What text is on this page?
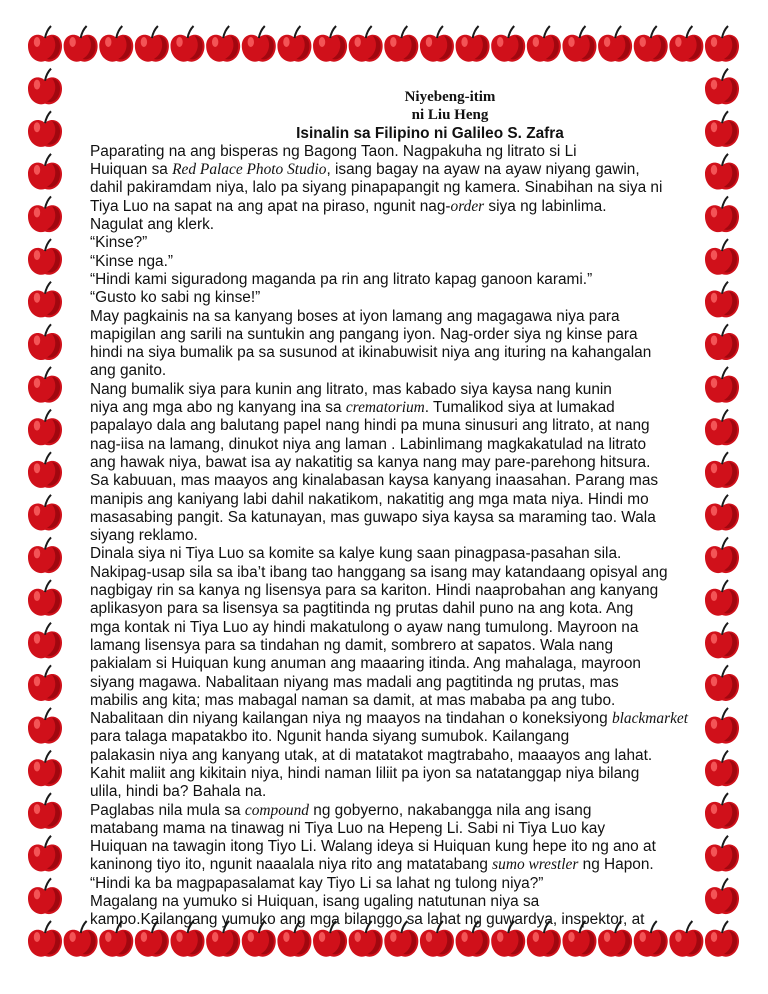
Niyebeng-itim
ni Liu Heng
Isinalin sa Filipino ni Galileo S. Zafra
Paparating na ang bisperas ng Bagong Taon. Nagpakuha ng litrato si Li
Huiquan sa Red Palace Photo Studio, isang bagay na ayaw na ayaw niyang gawin,
dahil pakiramdam niya, lalo pa siyang pinapapangit ng kamera. Sinabihan na siya ni
Tiya Luo na sapat na ang apat na piraso, ngunit nag-order siya ng labinlima.
Nagulat ang klerk.
“Kinse?”
“Kinse nga.”
“Hindi kami siguradong maganda pa rin ang litrato kapag ganoon karami.”
“Gusto ko sabi ng kinse!”
May pagkainis na sa kanyang boses at iyon lamang ang magagawa niya para
mapigilan ang sarili na suntukin ang pangang iyon. Nag-order siya ng kinse para
hindi na siya bumalik pa sa susunod at ikinabuwisit niya ang ituring na kahangalan
ang ganito.
Nang bumalik siya para kunin ang litrato, mas kabado siya kaysa nang kunin
niya ang mga abo ng kanyang ina sa crematorium. Tumalikod siya at lumakad
papalayo dala ang balutang papel nang hindi pa muna sinusuri ang litrato, at nang
nag-iisa na lamang, dinukot niya ang laman . Labinlimang magkakatulad na litrato
ang hawak niya, bawat isa ay nakatitig sa kanya nang may pare-parehong hitsura.
Sa kabuuan, mas maayos ang kinalabasan kaysa kanyang inaasahan. Parang mas
manipis ang kaniyang labi dahil nakatikom, nakatitig ang mga mata niya. Hindi mo
masasabing pangit. Sa katunayan, mas guwapo siya kaysa sa maraming tao. Wala
siyang reklamo.
Dinala siya ni Tiya Luo sa komite sa kalye kung saan pinagpasa-pasahan sila.
Nakipag-usap sila sa iba’t ibang tao hanggang sa isang may katandaang opisyal ang
nagbigay rin sa kanya ng lisensya para sa kariton. Hindi naaprobahan ang kanyang
aplikasyon para sa lisensya sa pagtitinda ng prutas dahil puno na ang kota. Ang
mga kontak ni Tiya Luo ay hindi makatulong o ayaw nang tumulong. Mayroon na
lamang lisensya para sa tindahan ng damit, sombrero at sapatos. Wala nang
pakialam si Huiquan kung anuman ang maaaring itinda. Ang mahalaga, mayroon
siyang magawa. Nabalitaan niyang mas madali ang pagtitinda ng prutas, mas
mabilis ang kita; mas mabagal naman sa damit, at mas mababa pa ang tubo.
Nabalitaan din niyang kailangan niya ng maayos na tindahan o koneksiyong blackmarket
para talaga mapatakbo ito. Ngunit handa siyang sumubok. Kailangang
palakasin niya ang kanyang utak, at di matatakot magtrabaho, maaayos ang lahat.
Kahit maliit ang kikitain niya, hindi naman liliit pa iyon sa natatanggap niya bilang
ulila, hindi ba? Bahala na.
Paglabas nila mula sa compound ng gobyerno, nakabangga nila ang isang
matabang mama na tinawag ni Tiya Luo na Hepeng Li. Sabi ni Tiya Luo kay
Huiquan na tawagin itong Tiyo Li. Walang ideya si Huiquan kung hepe ito ng ano at
kaninong tiyo ito, ngunit naaalala niya rito ang matatabang sumo wrestler ng Hapon.
“Hindi ka ba magpapasalamat kay Tiyo Li sa lahat ng tulong niya?”
Magalang na yumuko si Huiquan, isang ugaling natutunan niya sa
kampo.Kailangang yumuko ang mga bilanggo sa lahat ng guwardya, inspektor, at
